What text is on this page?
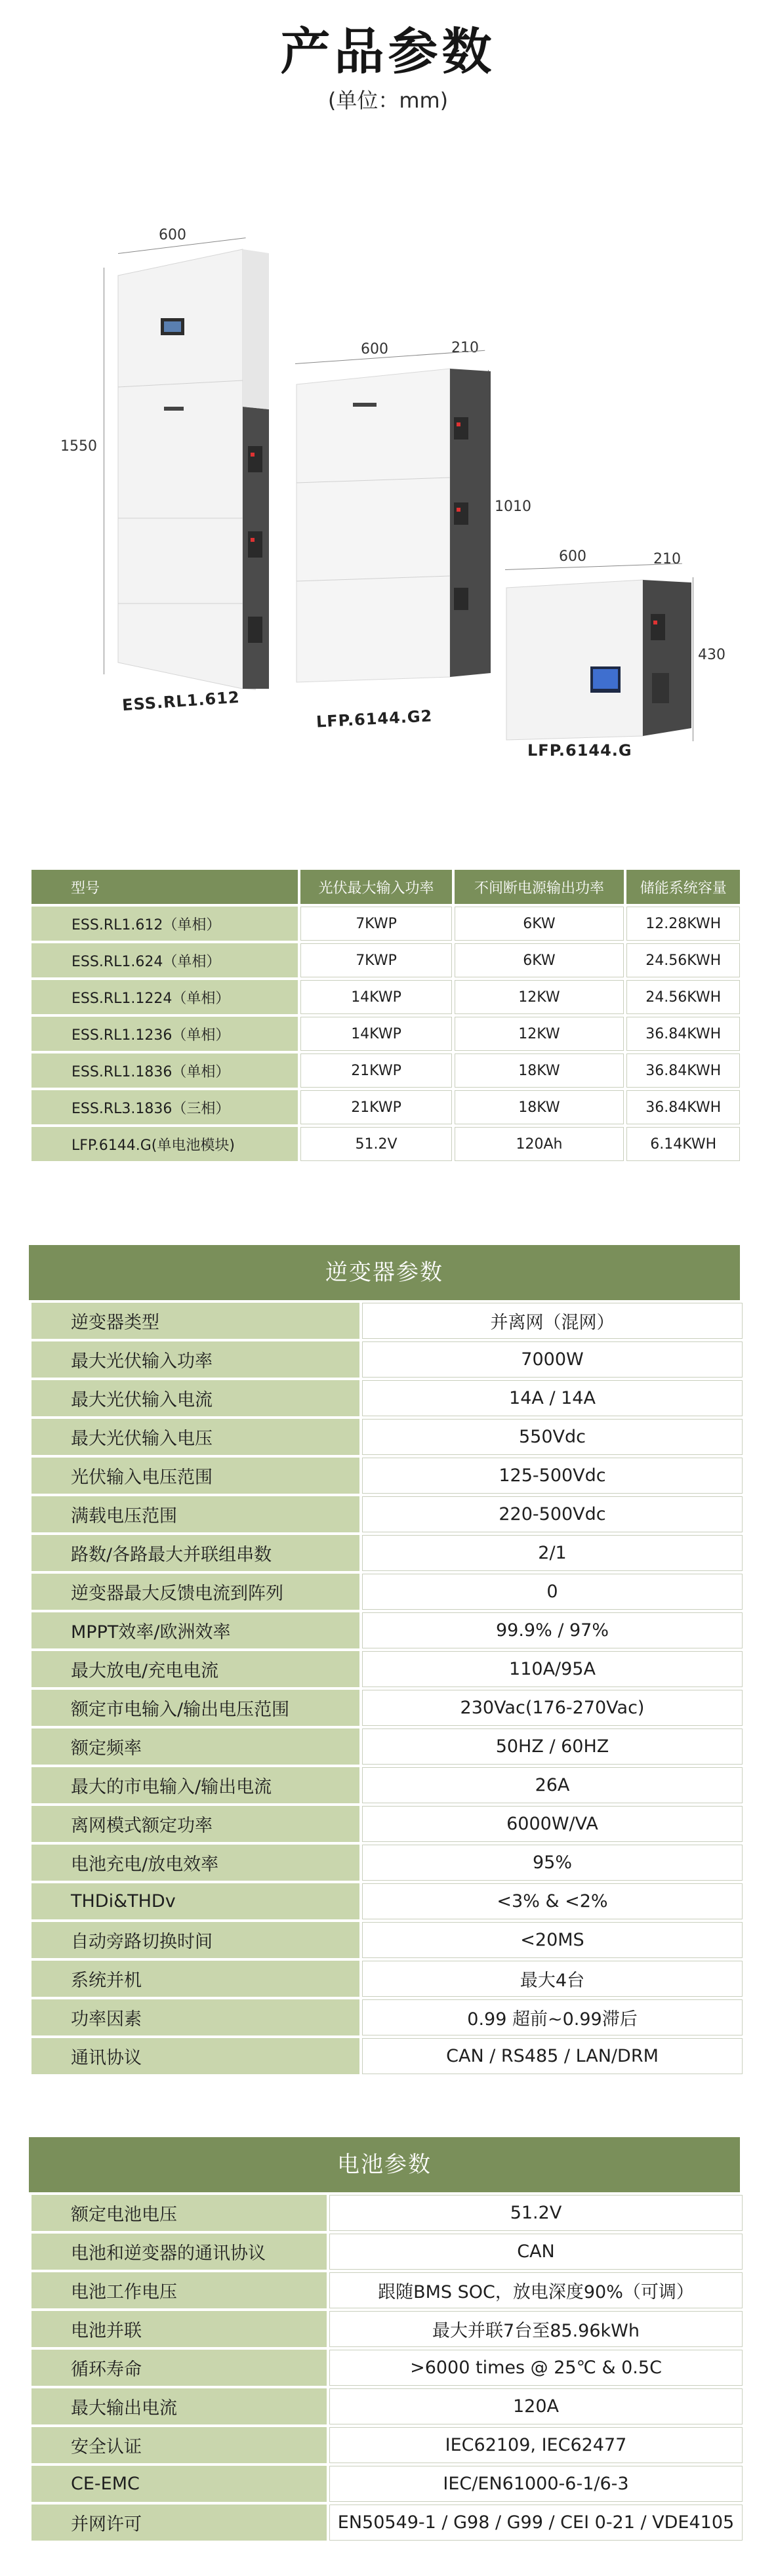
产品参数
(单位：mm)
600
1550
ESS.RL1.612
600	210
1010
LFP.6144.G2
600	210
430
LFP.6144.G
型号	光伏最大输入功率	不间断电源输出功率	储能系统容量
ESS.RL1.612（单相）	7KWP	6KW	12.28KWH
ESS.RL1.624（单相）	7KWP	6KW	24.56KWH
ESS.RL1.1224（单相）	14KWP	12KW	24.56KWH
ESS.RL1.1236（单相）	14KWP	12KW	36.84KWH
ESS.RL1.1836（单相）	21KWP	18KW	36.84KWH
ESS.RL3.1836（三相）	21KWP	18KW	36.84KWH
LFP.6144.G(单电池模块)	51.2V	120Ah	6.14KWH
逆变器参数
逆变器类型	并离网（混网）
最大光伏输入功率	7000W
最大光伏输入电流	14A / 14A
最大光伏输入电压	550Vdc
光伏输入电压范围	125-500Vdc
满载电压范围	220-500Vdc
路数/各路最大并联组串数	2/1
逆变器最大反馈电流到阵列	0
MPPT效率/欧洲效率	99.9% / 97%
最大放电/充电电流	110A/95A
额定市电输入/输出电压范围	230Vac(176-270Vac)
额定频率	50HZ / 60HZ
最大的市电输入/输出电流	26A
离网模式额定功率	6000W/VA
电池充电/放电效率	95%
THDi&THDv	<3% & <2%
自动旁路切换时间	<20MS
系统并机	最大4台
功率因素	0.99 超前~0.99滞后
通讯协议	CAN / RS485 / LAN/DRM
电池参数
额定电池电压	51.2V
电池和逆变器的通讯协议	CAN
电池工作电压	跟随BMS SOC，放电深度90%（可调）
电池并联	最大并联7台至85.96kWh
循环寿命	>6000 times @ 25℃ & 0.5C
最大输出电流	120A
安全认证	IEC62109, IEC62477
CE-EMC	IEC/EN61000-6-1/6-3
并网许可	EN50549-1 / G98 / G99 / CEI 0-21 / VDE4105
